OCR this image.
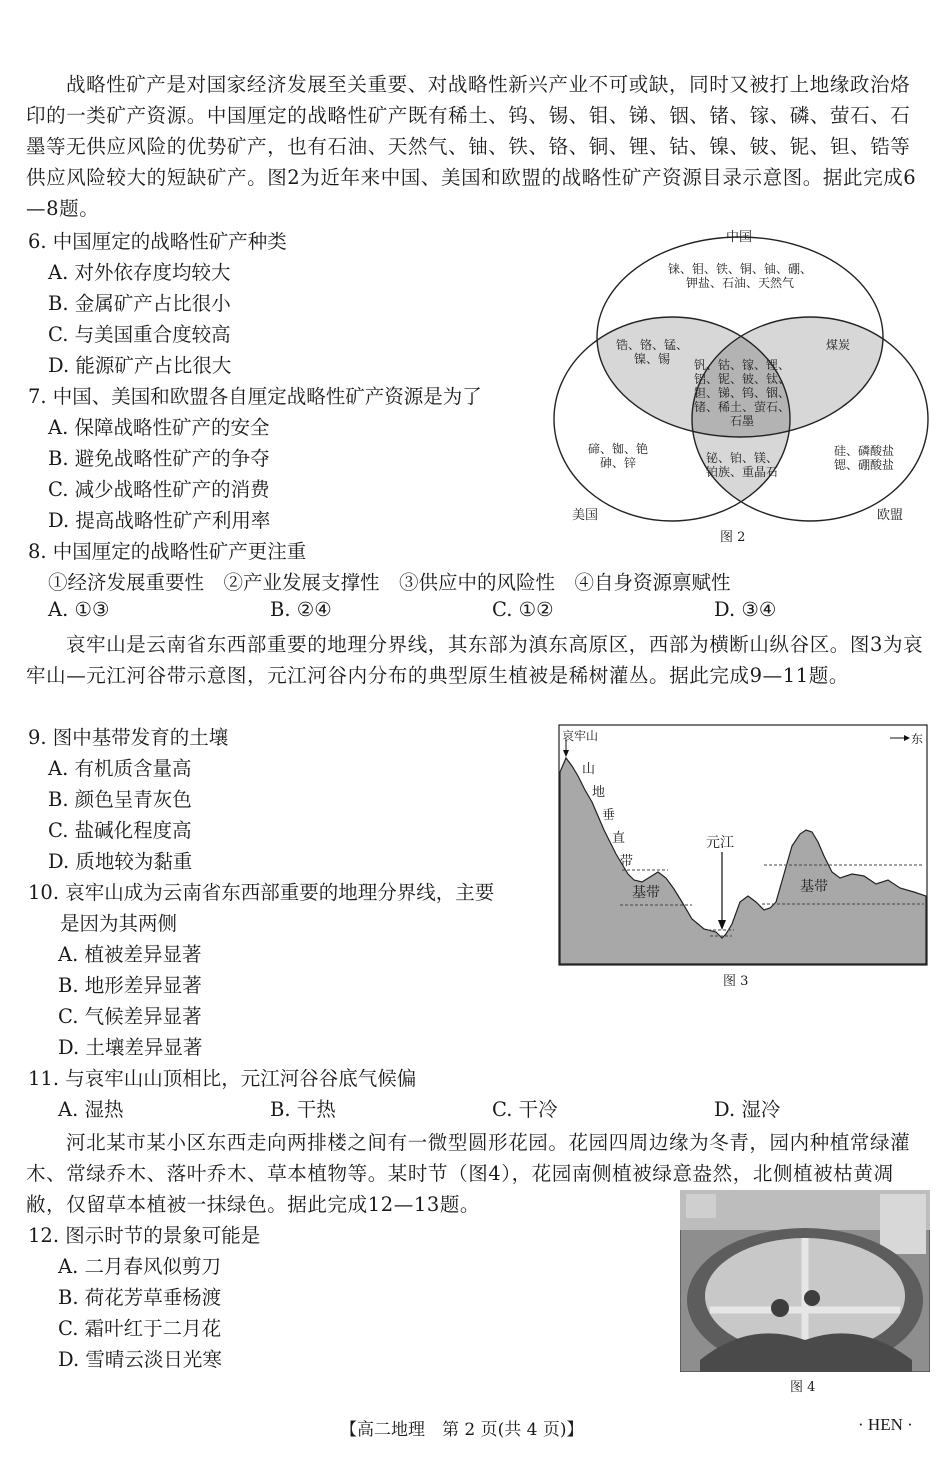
战略性矿产是对国家经济发展至关重要、对战略性新兴产业不可或缺，同时又被打上地缘政治烙印的一类矿产资源。中国厘定的战略性矿产既有稀土、钨、锡、钼、锑、铟、锗、镓、磷、萤石、石墨等无供应风险的优势矿产，也有石油、天然气、铀、铁、铬、铜、锂、钴、镍、铍、铌、钽、锆等供应风险较大的短缺矿产。图2为近年来中国、美国和欧盟的战略性矿产资源目录示意图。据此完成6—8题。
6. 中国厘定的战略性矿产种类
A. 对外依存度均较大
B. 金属矿产占比很小
C. 与美国重合度较高
D. 能源矿产占比很大
7. 中国、美国和欧盟各自厘定战略性矿产资源是为了
A. 保障战略性矿产的安全
B. 避免战略性矿产的争夺
C. 减少战略性矿产的消费
D. 提高战略性矿产利用率
8. 中国厘定的战略性矿产更注重
①经济发展重要性　②产业发展支撑性　③供应中的风险性　④自身资源禀赋性
A. ①③	B. ②④	C. ①②	D. ③④
中国
美国	欧盟
铼、钼、铁、铜、铀、硼、
钾盐、石油、天然气
锆、铬、锰、
镍、锡
煤炭
钒、钴、镓、锂、
铝、铌、铍、钛、
钽、锑、钨、铟、
锗、稀土、萤石、
石墨
碲、铷、铯
砷、锌	铋、铂、镁、
铂族、重晶石
硅、磷酸盐
锶、硼酸盐
图 2
哀牢山是云南省东西部重要的地理分界线，其东部为滇东高原区，西部为横断山纵谷区。图3为哀牢山—元江河谷带示意图，元江河谷内分布的典型原生植被是稀树灌丛。据此完成9—11题。
9. 图中基带发育的土壤
A. 有机质含量高
B. 颜色呈青灰色
C. 盐碱化程度高
D. 质地较为黏重
10. 哀牢山成为云南省东西部重要的地理分界线，主要
是因为其两侧
A. 植被差异显著
B. 地形差异显著
C. 气候差异显著
D. 土壤差异显著
11. 与哀牢山山顶相比，元江河谷谷底气候偏
A. 湿热	B. 干热	C. 干冷	D. 湿冷
哀牢山	东
山
地
垂
直
带
元江
基带	基带
图 3
河北某市某小区东西走向两排楼之间有一微型圆形花园。花园四周边缘为冬青，园内种植常绿灌木、常绿乔木、落叶乔木、草本植物等。某时节（图4），花园南侧植被绿意盎然，北侧植被枯黄凋敝，仅留草本植被一抹绿色。据此完成12—13题。
12. 图示时节的景象可能是
A. 二月春风似剪刀
B. 荷花芳草垂杨渡
C. 霜叶红于二月花
D. 雪晴云淡日光寒
图 4
【高二地理　第 2 页(共 4 页)】	· HEN ·
